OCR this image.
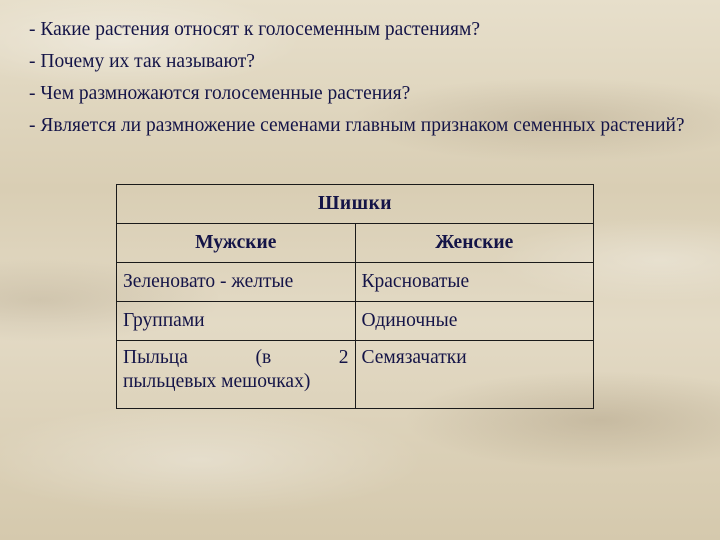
- Какие растения относят к голосеменным растениям?
- Почему их так называют?
- Чем размножаются голосеменные растения?
- Является ли размножение семенами главным признаком семенных растений?
Шишки	
Мужские	Женские
Зеленовато - желтые	Красноватые
Группами	Одиночные

Пыльца (в 2
пыльцевых мешочках)	Семязачатки
